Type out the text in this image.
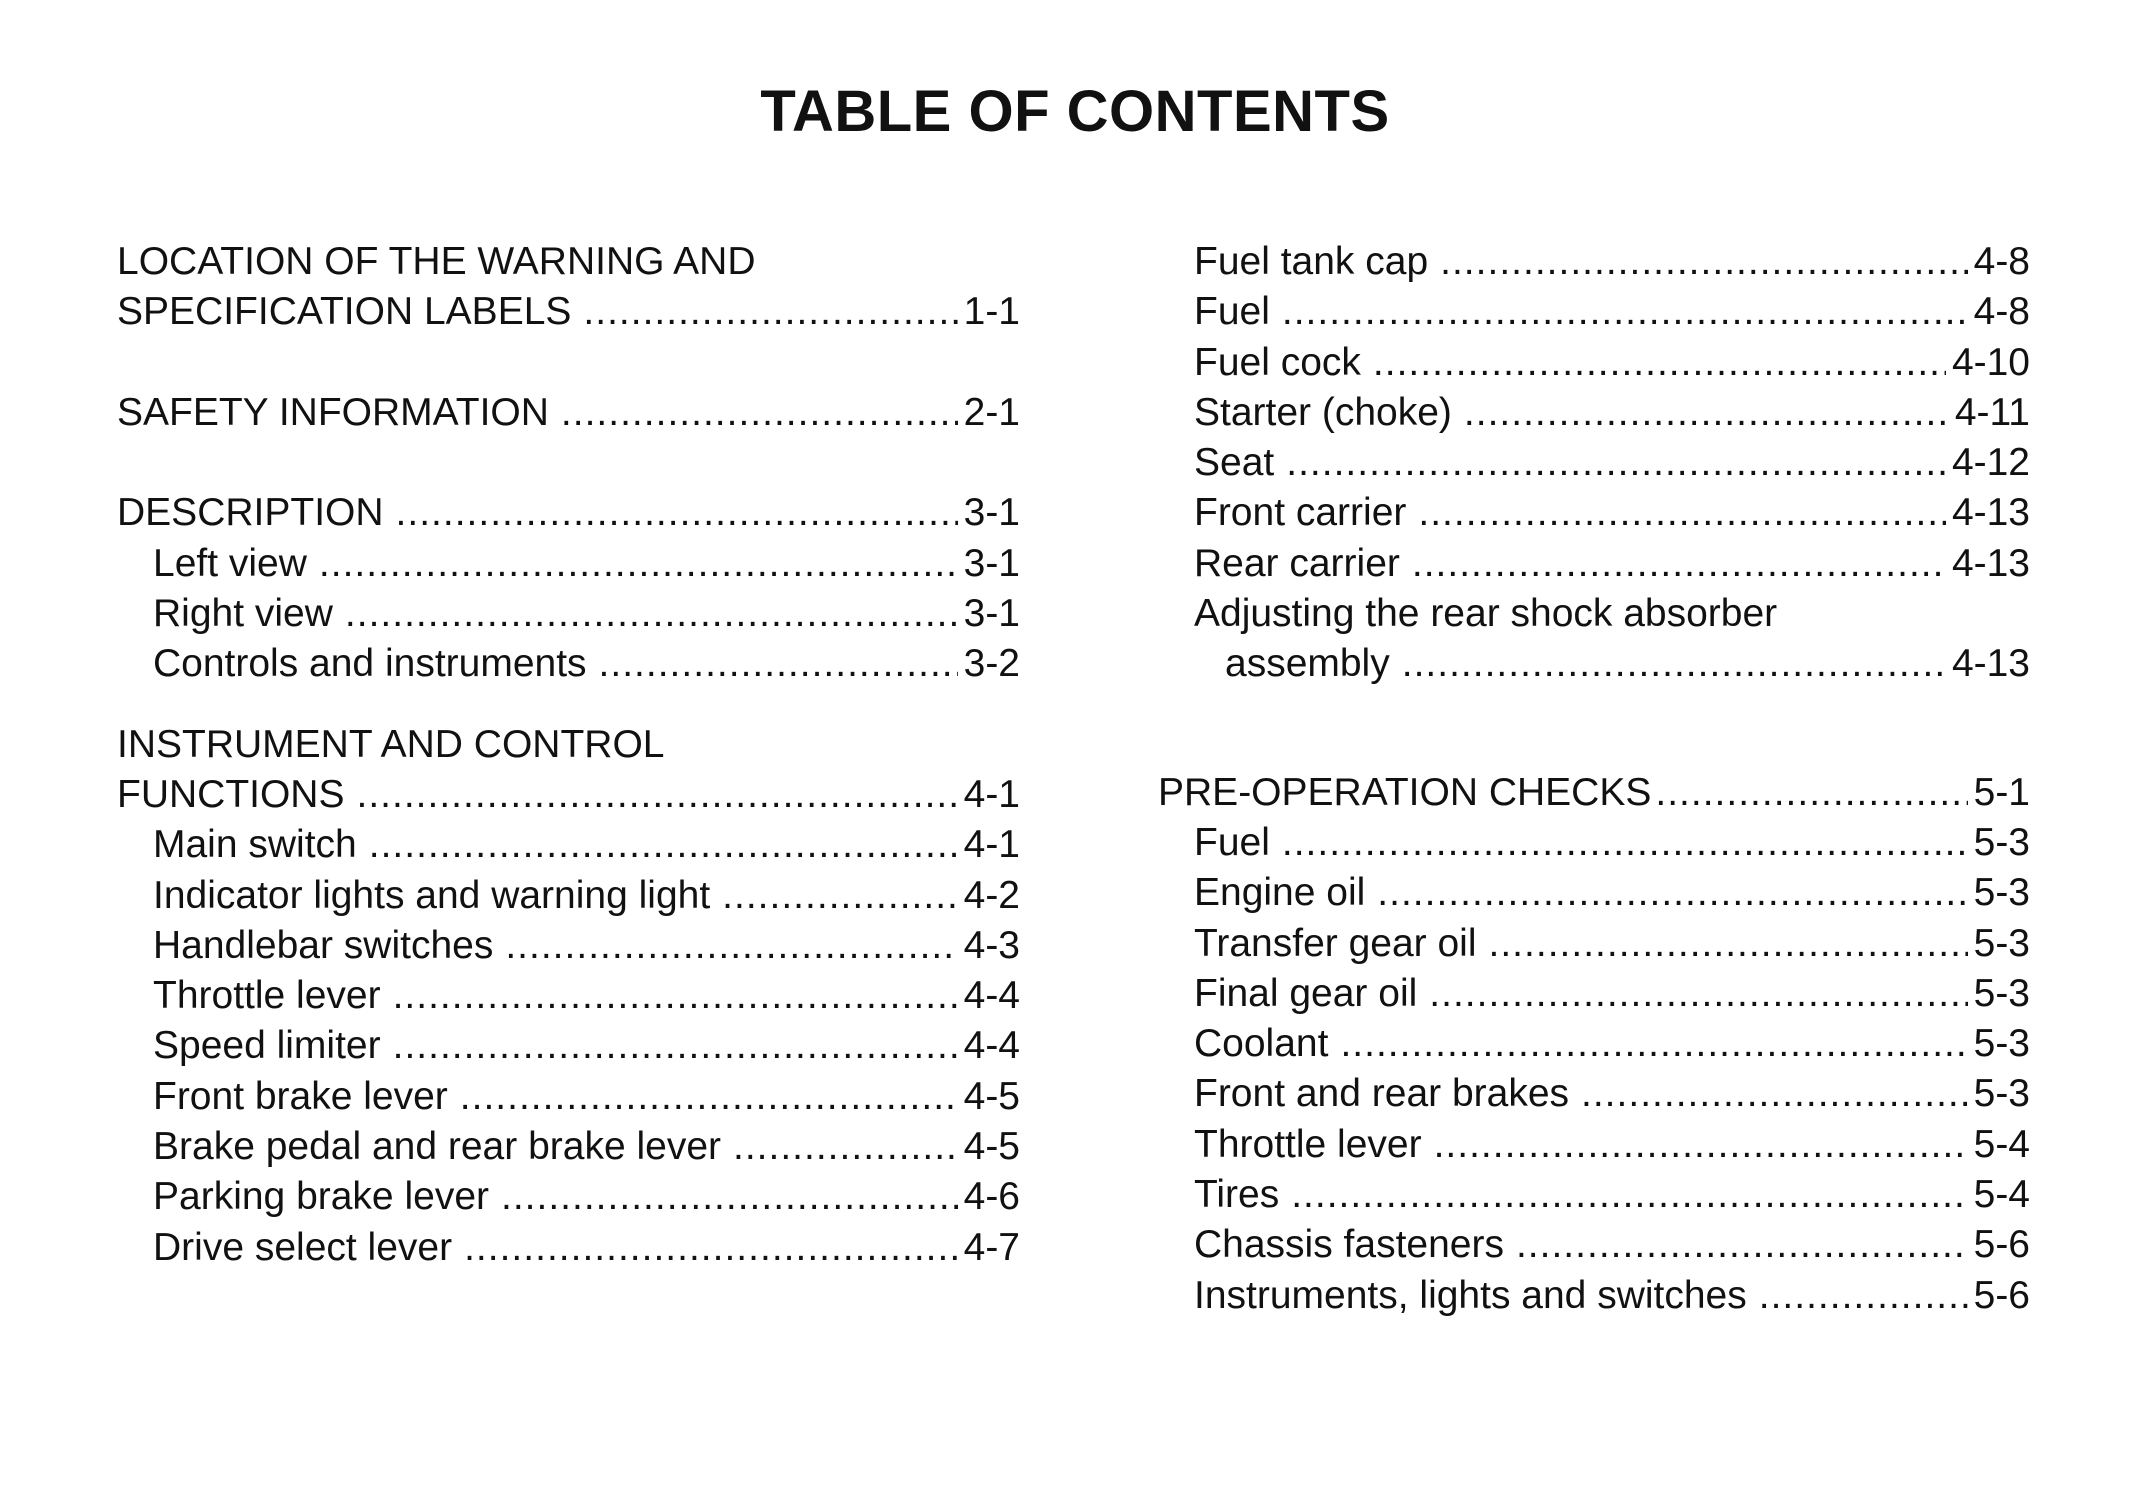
TABLE OF CONTENTS
LOCATION OF THE WARNING AND
SPECIFICATION LABELS .....	1-1
SAFETY INFORMATION .....	2-1
DESCRIPTION .....	3-1
Left view .....	3-1
Right view .....	3-1
Controls and instruments .....	3-2
INSTRUMENT AND CONTROL
FUNCTIONS .....	4-1
Main switch .....	4-1
Indicator lights and warning light .....	4-2
Handlebar switches .....	4-3
Throttle lever .....	4-4
Speed limiter .....	4-4
Front brake lever .....	4-5
Brake pedal and rear brake lever .....	4-5
Parking brake lever .....	4-6
Drive select lever .....	4-7
Fuel tank cap .....	4-8
Fuel .....	4-8
Fuel cock .....	4-10
Starter (choke) .....	4-11
Seat .....	4-12
Front carrier .....	4-13
Rear carrier .....	4-13
Adjusting the rear shock absorber
assembly .....	4-13
PRE-OPERATION CHECKS .....	5-1
Fuel .....	5-3
Engine oil .....	5-3
Transfer gear oil .....	5-3
Final gear oil .....	5-3
Coolant .....	5-3
Front and rear brakes .....	5-3
Throttle lever .....	5-4
Tires .....	5-4
Chassis fasteners .....	5-6
Instruments, lights and switches .....	5-6
